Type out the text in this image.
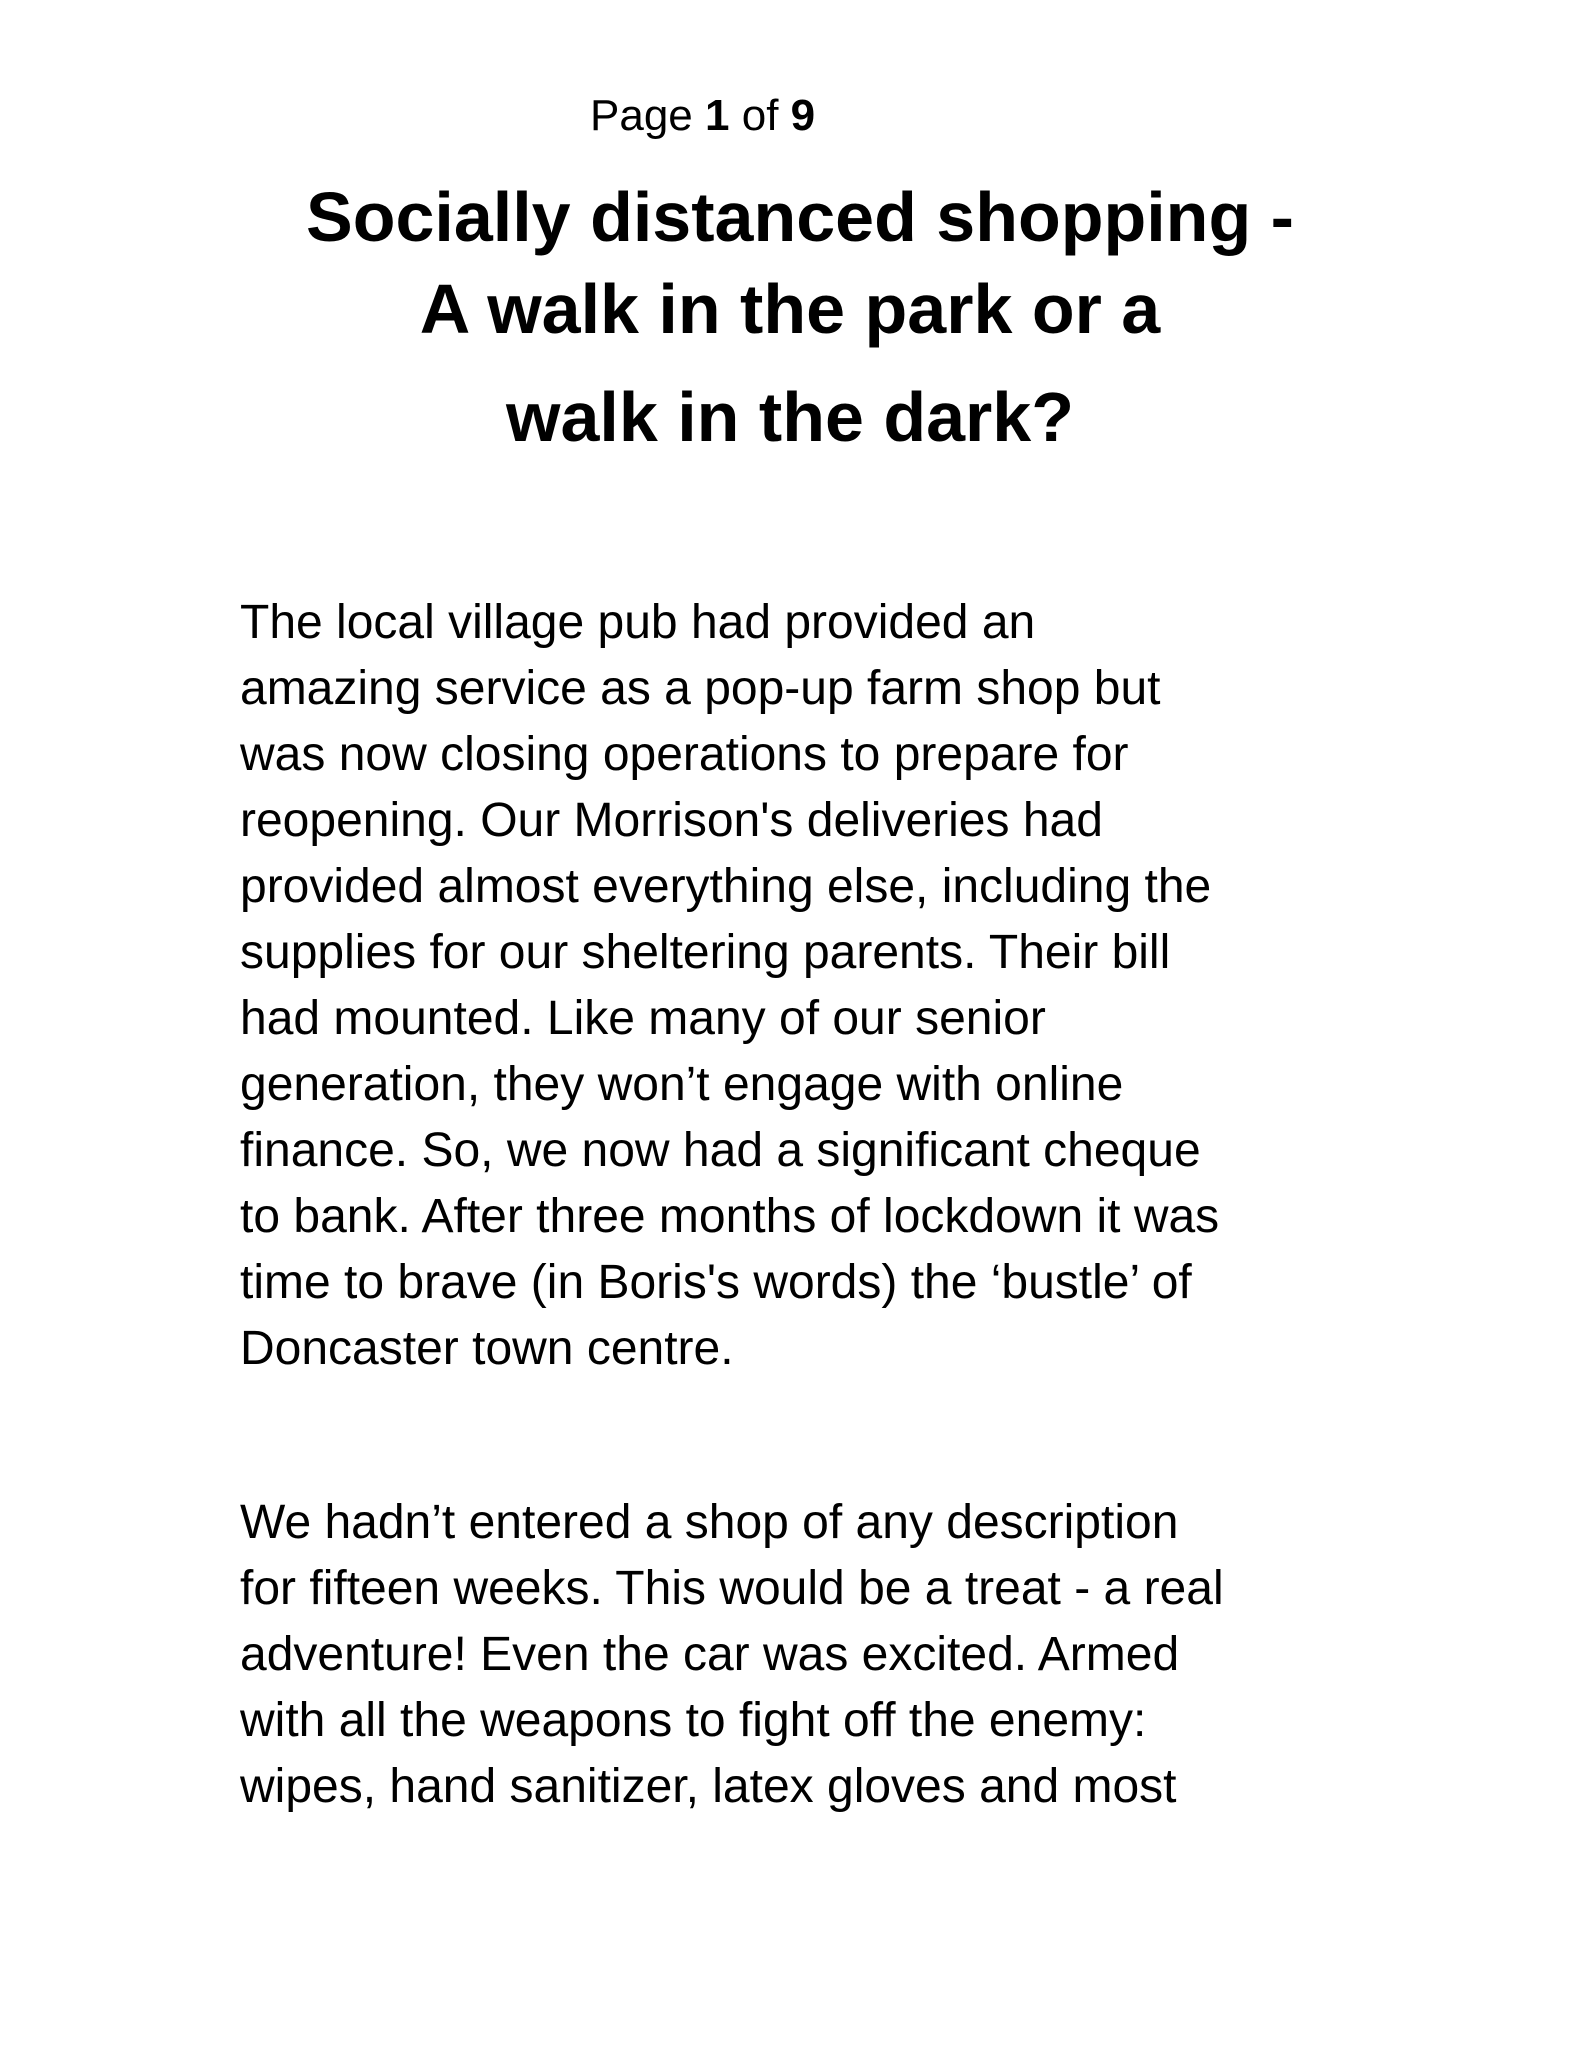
Page 1 of 9
Socially distanced shopping -
A walk in the park or a
walk in the dark?
The local village pub had provided an
amazing service as a pop-up farm shop but
was now closing operations to prepare for
reopening. Our Morrison's deliveries had
provided almost everything else, including the
supplies for our sheltering parents. Their bill
had mounted. Like many of our senior
generation, they won’t engage with online
finance. So, we now had a significant cheque
to bank. After three months of lockdown it was
time to brave (in Boris's words) the ‘bustle’ of
Doncaster town centre.
We hadn’t entered a shop of any description
for fifteen weeks. This would be a treat - a real
adventure! Even the car was excited. Armed
with all the weapons to fight off the enemy:
wipes, hand sanitizer, latex gloves and most
